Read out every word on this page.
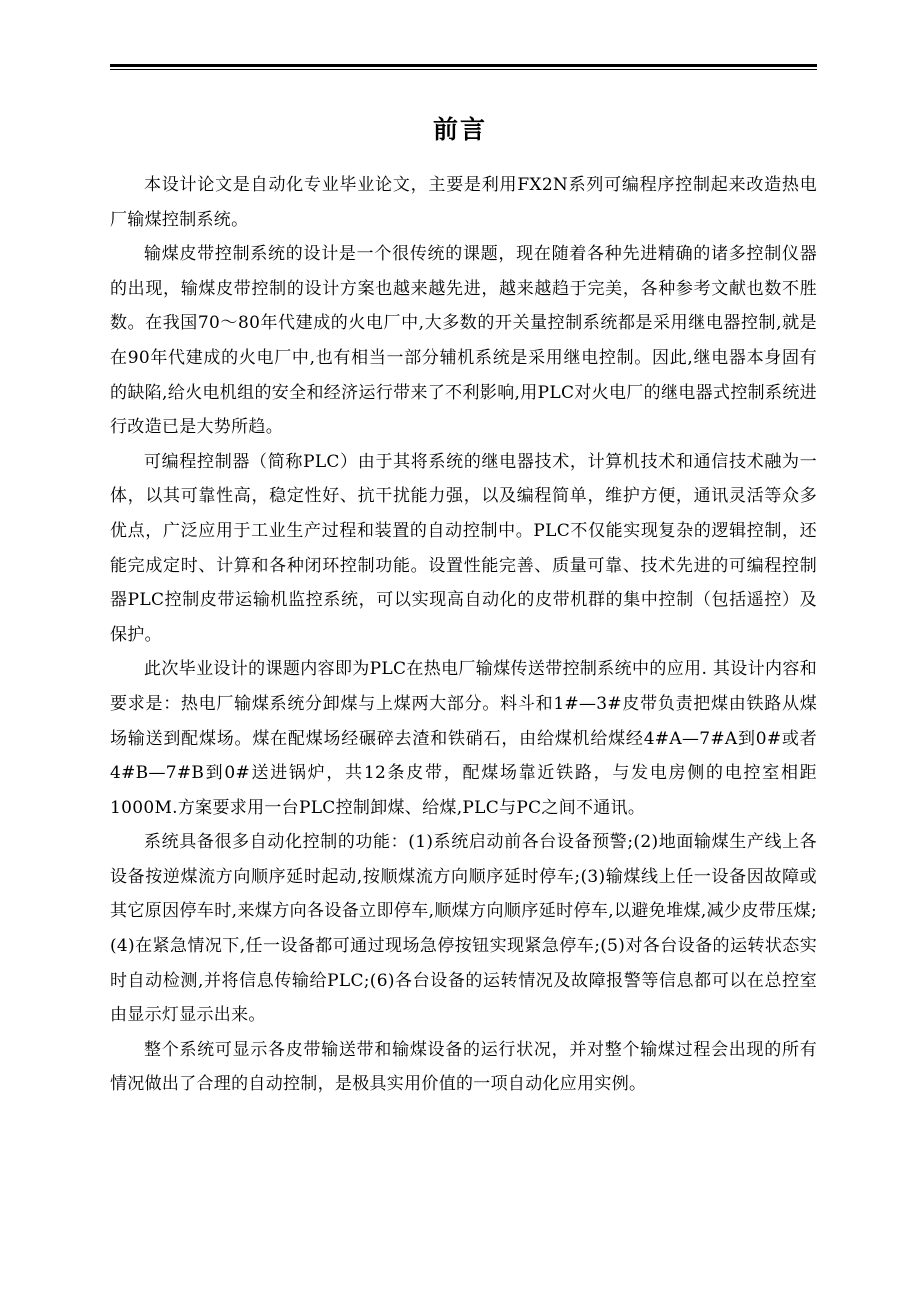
前言

本设计论文是自动化专业毕业论文，主要是利用FX2N系列可编程序控制起来改造热电厂输煤控制系统。

输煤皮带控制系统的设计是一个很传统的课题，现在随着各种先进精确的诸多控制仪器的出现，输煤皮带控制的设计方案也越来越先进，越来越趋于完美，各种参考文献也数不胜数。在我国70～80年代建成的火电厂中,大多数的开关量控制系统都是采用继电器控制,就是在90年代建成的火电厂中,也有相当一部分辅机系统是采用继电控制。因此,继电器本身固有的缺陷,给火电机组的安全和经济运行带来了不利影响,用PLC对火电厂的继电器式控制系统进行改造已是大势所趋。

可编程控制器（简称PLC）由于其将系统的继电器技术，计算机技术和通信技术融为一体，以其可靠性高，稳定性好、抗干扰能力强，以及编程简单，维护方便，通讯灵活等众多优点，广泛应用于工业生产过程和装置的自动控制中。PLC不仅能实现复杂的逻辑控制，还能完成定时、计算和各种闭环控制功能。设置性能完善、质量可靠、技术先进的可编程控制器PLC控制皮带运输机监控系统，可以实现高自动化的皮带机群的集中控制（包括遥控）及保护。

此次毕业设计的课题内容即为PLC在热电厂输煤传送带控制系统中的应用. 其设计内容和要求是：热电厂输煤系统分卸煤与上煤两大部分。料斗和1#—3#皮带负责把煤由铁路从煤场输送到配煤场。煤在配煤场经碾碎去渣和铁硝石，由给煤机给煤经4#A—7#A到0#或者4#B—7#B到0#送进锅炉，共12条皮带，配煤场靠近铁路，与发电房侧的电控室相距1000M.方案要求用一台PLC控制卸煤、给煤,PLC与PC之间不通讯。

系统具备很多自动化控制的功能：(1)系统启动前各台设备预警;(2)地面输煤生产线上各设备按逆煤流方向顺序延时起动,按顺煤流方向顺序延时停车;(3)输煤线上任一设备因故障或其它原因停车时,来煤方向各设备立即停车,顺煤方向顺序延时停车,以避免堆煤,减少皮带压煤;(4)在紧急情况下,任一设备都可通过现场急停按钮实现紧急停车;(5)对各台设备的运转状态实时自动检测,并将信息传输给PLC;(6)各台设备的运转情况及故障报警等信息都可以在总控室由显示灯显示出来。

整个系统可显示各皮带输送带和输煤设备的运行状况，并对整个输煤过程会出现的所有情况做出了合理的自动控制，是极具实用价值的一项自动化应用实例。
